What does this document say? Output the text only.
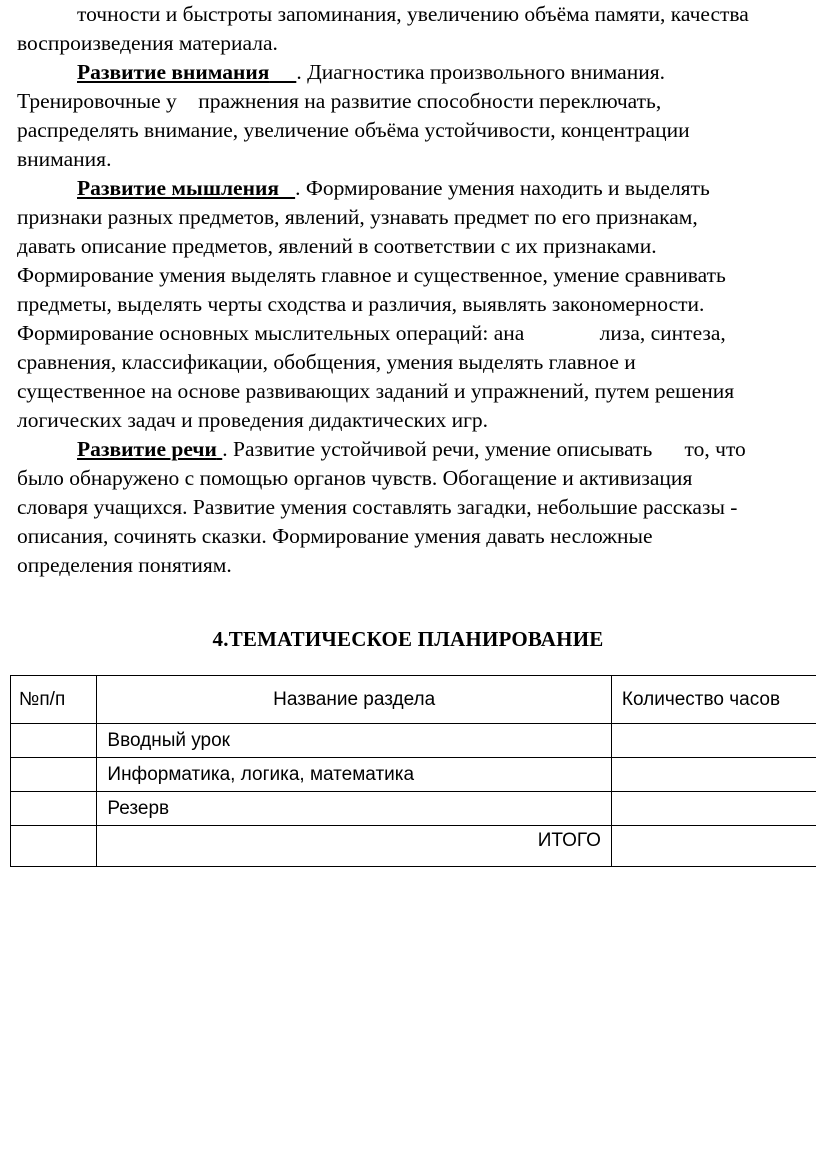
точности и быстроты запоминания, увеличению объёма памяти, качества
воспроизведения материала.
Развитие внимания . Диагностика произвольного внимания.
Тренировочные у пражнения на развитие способности переключать,
распределять внимание, увеличение объёма устойчивости, концентрации
внимания.
Развитие мышления . Формирование умения находить и выделять
признаки разных предметов, явлений, узнавать предмет по его признакам,
давать описание предметов, явлений в соответствии с их признаками.
Формирование умения выделять главное и существенное, умение сравнивать
предметы, выделять черты сходства и различия, выявлять закономерности.
Формирование основных мыслительных операций: ана	лиза, синтеза,
сравнения, классификации, обобщения, умения выделять главное и
существенное на основе развивающих заданий и упражнений, путем решения
логических задач и проведения дидактических игр.
Развитие речи . Развитие устойчивой речи, умение описывать то, что
было обнаружено с помощью органов чувств. Обогащение и активизация
словаря учащихся. Развитие умения составлять загадки, небольшие рассказы -
описания, сочинять сказки. Формирование умения давать несложные
определения понятиям.
4.ТЕМАТИЧЕСКОЕ ПЛАНИРОВАНИЕ
№п/п	Название раздела	Количество часов
	Вводный урок	
	Информатика, логика, математика	
	Резерв	
	ИТОГО	
